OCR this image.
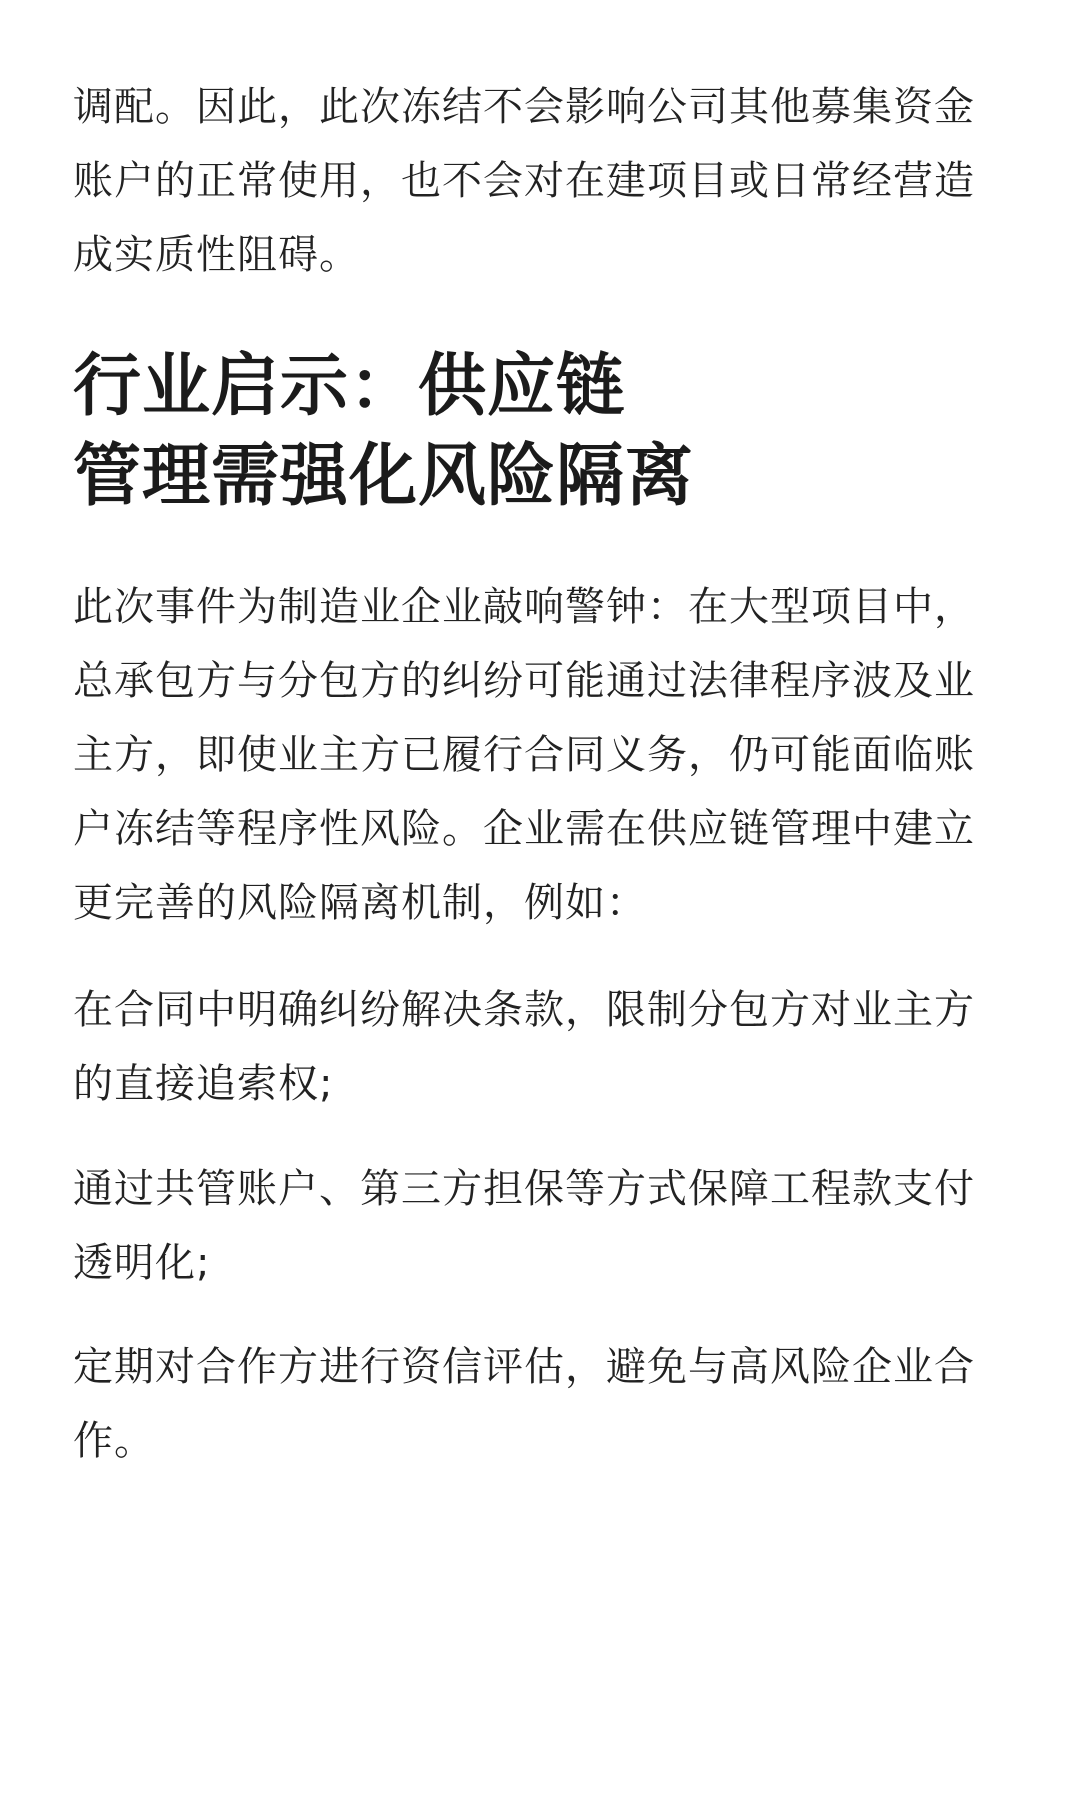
调配。因此，此次冻结不会影响公司其他募集资金账户的正常使用，也不会对在建项目或日常经营造成实质性阻碍。

行业启示：供应链
管理需强化风险隔离

此次事件为制造业企业敲响警钟：在大型项目中，总承包方与分包方的纠纷可能通过法律程序波及业主方，即使业主方已履行合同义务，仍可能面临账户冻结等程序性风险。企业需在供应链管理中建立更完善的风险隔离机制，例如：

在合同中明确纠纷解决条款，限制分包方对业主方的直接追索权;

通过共管账户、第三方担保等方式保障工程款支付透明化;

定期对合作方进行资信评估，避免与高风险企业合作。
